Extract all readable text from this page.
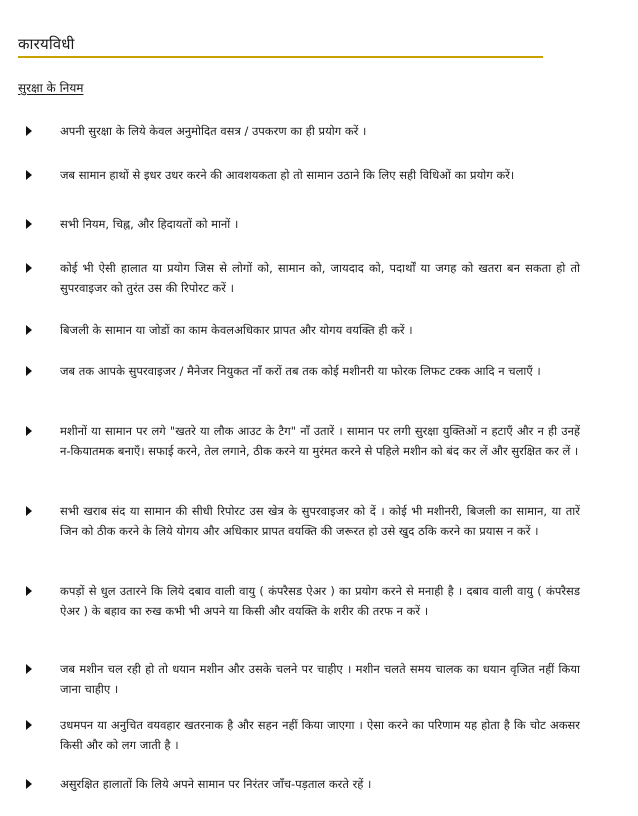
कारयविधी
सुरक्षा के नियम
अपनी सुरक्षा के लिये केवल अनुमोदित वसत्र / उपकरण का ही प्रयोग करें ।
जब सामान हाथों से इधर उधर करने की आवशयकता हो तो सामान उठाने कि लिए सही विधिओं का प्रयोग करें।
सभी नियम, चिह्न, और हिदायतों को मानों ।
कोई भी ऐसी हालात या प्रयोग जिस से लोगों को, सामान को, जायदाद को, पदार्थों या जगह को खतरा बन सकता हो तो सुपरवाइजर को तुरंत उस की रिपोरट करें ।
बिजली के सामान या जोडों का काम केवलअधिकार प्रापत और योगय वयक्ति ही करें ।
जब तक आपके सुपरवाइजर / मैनेजर नियुकत नाँ करों तब तक कोई मशीनरी या फोरक लिफट टक्क आदि न चलाएँ ।
मशीनों या सामान पर लगे "खतरे या लौक आउट के टैग" नाँ उतारें । सामान पर लगी सुरक्षा युक्तिओं न हटाएँ और न ही उनहें न-कियातमक बनाएँ। सफाई करने, तेल लगाने, ठीक करने या मुरंमत करने से पहिले मशीन को बंद कर लें और सुरक्षित कर लें ।
सभी खराब संद या सामान की सीधी रिपोरट उस खेत्र के सुपरवाइजर को दें । कोई भी मशीनरी, बिजली का सामान, या तारें जिन को ठीक करने के लिये योगय और अधिकार प्रापत वयक्ति की जरूरत हो उसे खुद ठकि करने का प्रयास न करें ।
कपड़ों से धुल उतारने कि लिये दबाव वाली वायु ( कंपरैसड ऐअर ) का प्रयोग करने से मनाही है । दबाव वाली वायु ( कंपरैसड ऐअर ) के बहाव का रुख कभी भी अपने या किसी और वयक्ति के शरीर की तरफ न करें ।
जब मशीन चल रही हो तो धयान मशीन और उसके चलने पर चाहीए । मशीन चलते समय चालक का धयान वृजित नहीं किया जाना चाहीए ।
उधमपन या अनुचित वयवहार खतरनाक है और सहन नहीं किया जाएगा । ऐसा करने का परिणाम यह होता है कि चोट अकसर किसी और को लग जाती है ।
असुरक्षित हालातों कि लिये अपने सामान पर निरंतर जाँच-पड़ताल करते रहें ।
